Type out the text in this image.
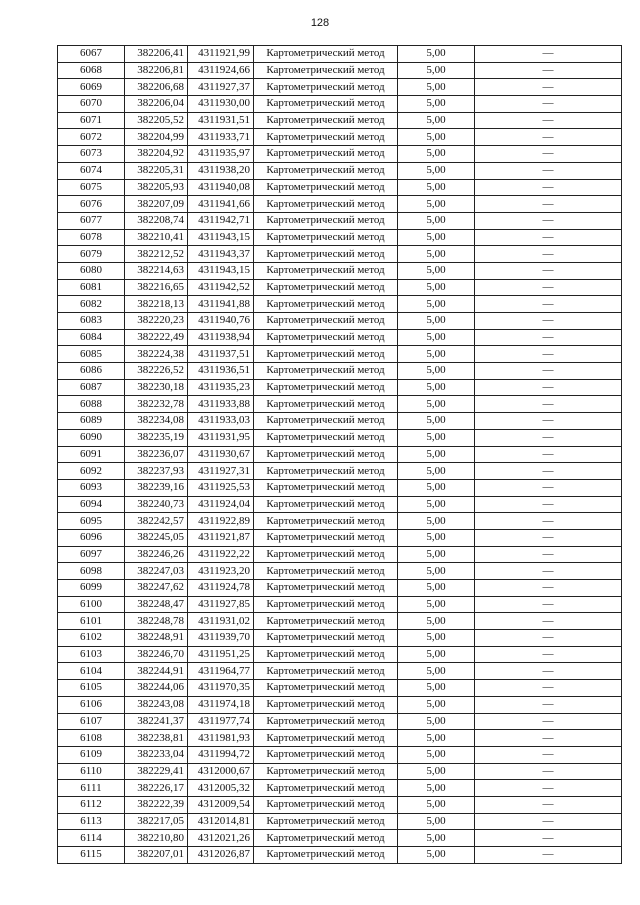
128
6067	382206,41	4311921,99	Картометрический метод	5,00	—
6068	382206,81	4311924,66	Картометрический метод	5,00	—
6069	382206,68	4311927,37	Картометрический метод	5,00	—
6070	382206,04	4311930,00	Картометрический метод	5,00	—
6071	382205,52	4311931,51	Картометрический метод	5,00	—
6072	382204,99	4311933,71	Картометрический метод	5,00	—
6073	382204,92	4311935,97	Картометрический метод	5,00	—
6074	382205,31	4311938,20	Картометрический метод	5,00	—
6075	382205,93	4311940,08	Картометрический метод	5,00	—
6076	382207,09	4311941,66	Картометрический метод	5,00	—
6077	382208,74	4311942,71	Картометрический метод	5,00	—
6078	382210,41	4311943,15	Картометрический метод	5,00	—
6079	382212,52	4311943,37	Картометрический метод	5,00	—
6080	382214,63	4311943,15	Картометрический метод	5,00	—
6081	382216,65	4311942,52	Картометрический метод	5,00	—
6082	382218,13	4311941,88	Картометрический метод	5,00	—
6083	382220,23	4311940,76	Картометрический метод	5,00	—
6084	382222,49	4311938,94	Картометрический метод	5,00	—
6085	382224,38	4311937,51	Картометрический метод	5,00	—
6086	382226,52	4311936,51	Картометрический метод	5,00	—
6087	382230,18	4311935,23	Картометрический метод	5,00	—
6088	382232,78	4311933,88	Картометрический метод	5,00	—
6089	382234,08	4311933,03	Картометрический метод	5,00	—
6090	382235,19	4311931,95	Картометрический метод	5,00	—
6091	382236,07	4311930,67	Картометрический метод	5,00	—
6092	382237,93	4311927,31	Картометрический метод	5,00	—
6093	382239,16	4311925,53	Картометрический метод	5,00	—
6094	382240,73	4311924,04	Картометрический метод	5,00	—
6095	382242,57	4311922,89	Картометрический метод	5,00	—
6096	382245,05	4311921,87	Картометрический метод	5,00	—
6097	382246,26	4311922,22	Картометрический метод	5,00	—
6098	382247,03	4311923,20	Картометрический метод	5,00	—
6099	382247,62	4311924,78	Картометрический метод	5,00	—
6100	382248,47	4311927,85	Картометрический метод	5,00	—
6101	382248,78	4311931,02	Картометрический метод	5,00	—
6102	382248,91	4311939,70	Картометрический метод	5,00	—
6103	382246,70	4311951,25	Картометрический метод	5,00	—
6104	382244,91	4311964,77	Картометрический метод	5,00	—
6105	382244,06	4311970,35	Картометрический метод	5,00	—
6106	382243,08	4311974,18	Картометрический метод	5,00	—
6107	382241,37	4311977,74	Картометрический метод	5,00	—
6108	382238,81	4311981,93	Картометрический метод	5,00	—
6109	382233,04	4311994,72	Картометрический метод	5,00	—
6110	382229,41	4312000,67	Картометрический метод	5,00	—
6111	382226,17	4312005,32	Картометрический метод	5,00	—
6112	382222,39	4312009,54	Картометрический метод	5,00	—
6113	382217,05	4312014,81	Картометрический метод	5,00	—
6114	382210,80	4312021,26	Картометрический метод	5,00	—
6115	382207,01	4312026,87	Картометрический метод	5,00	—
